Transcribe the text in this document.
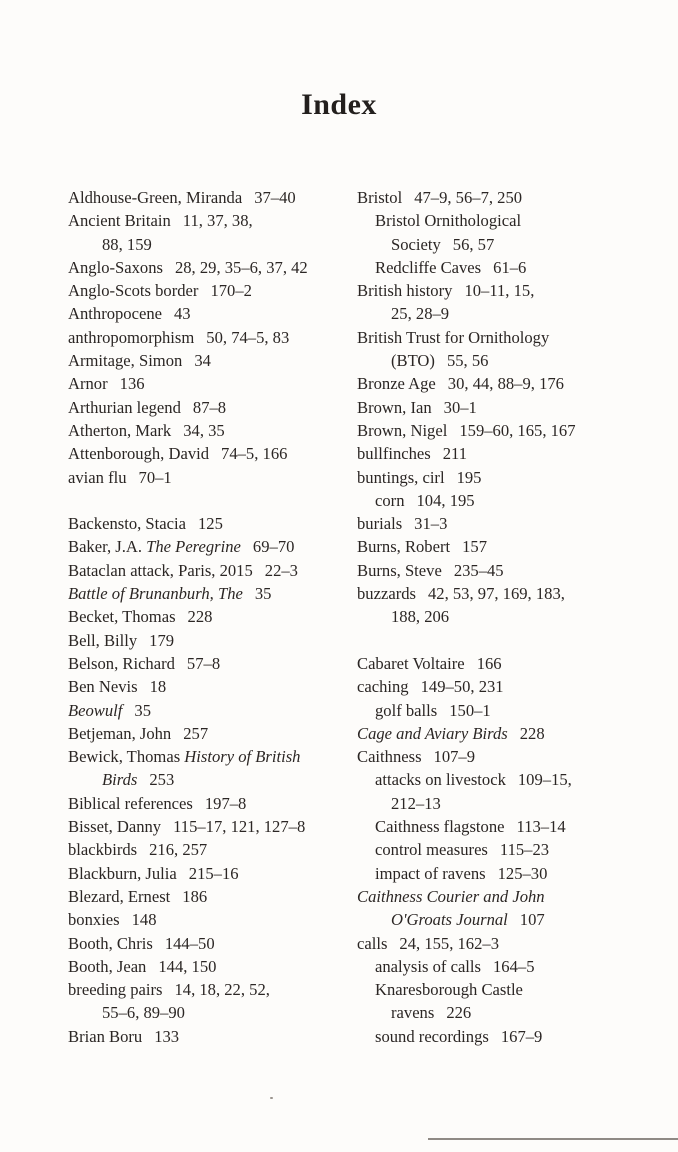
Index
Aldhouse-Green, Miranda 37–40
Ancient Britain 11, 37, 38,
88, 159
Anglo-Saxons 28, 29, 35–6, 37, 42
Anglo-Scots border 170–2
Anthropocene 43
anthropomorphism 50, 74–5, 83
Armitage, Simon 34
Arnor 136
Arthurian legend 87–8
Atherton, Mark 34, 35
Attenborough, David 74–5, 166
avian flu 70–1
Backensto, Stacia 125
Baker, J.A. The Peregrine 69–70
Bataclan attack, Paris, 2015 22–3
Battle of Brunanburh, The 35
Becket, Thomas 228
Bell, Billy 179
Belson, Richard 57–8
Ben Nevis 18
Beowulf 35
Betjeman, John 257
Bewick, Thomas History of British
Birds 253
Biblical references 197–8
Bisset, Danny 115–17, 121, 127–8
blackbirds 216, 257
Blackburn, Julia 215–16
Blezard, Ernest 186
bonxies 148
Booth, Chris 144–50
Booth, Jean 144, 150
breeding pairs 14, 18, 22, 52,
55–6, 89–90
Brian Boru 133
Bristol 47–9, 56–7, 250
Bristol Ornithological
Society 56, 57
Redcliffe Caves 61–6
British history 10–11, 15,
25, 28–9
British Trust for Ornithology
(BTO) 55, 56
Bronze Age 30, 44, 88–9, 176
Brown, Ian 30–1
Brown, Nigel 159–60, 165, 167
bullfinches 211
buntings, cirl 195
corn 104, 195
burials 31–3
Burns, Robert 157
Burns, Steve 235–45
buzzards 42, 53, 97, 169, 183,
188, 206
Cabaret Voltaire 166
caching 149–50, 231
golf balls 150–1
Cage and Aviary Birds 228
Caithness 107–9
attacks on livestock 109–15,
212–13
Caithness flagstone 113–14
control measures 115–23
impact of ravens 125–30
Caithness Courier and John
O'Groats Journal 107
calls 24, 155, 162–3
analysis of calls 164–5
Knaresborough Castle
ravens 226
sound recordings 167–9
